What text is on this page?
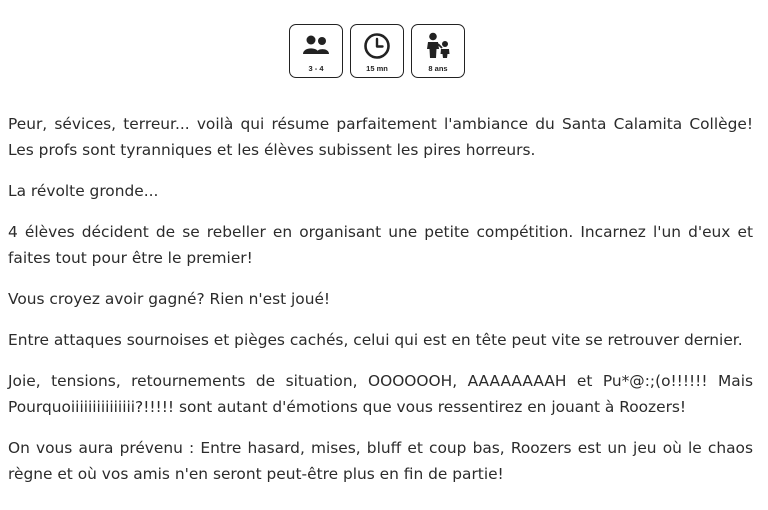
3 - 4	15 mn	8 ans

Peur, sévices, terreur... voilà qui résume parfaitement l'ambiance du Santa Calamita Collège! Les profs sont tyranniques et les élèves subissent les pires horreurs.

La révolte gronde...

4 élèves décident de se rebeller en organisant une petite compétition. Incarnez l'un d'eux et faites tout pour être le premier!

Vous croyez avoir gagné? Rien n'est joué!

Entre attaques sournoises et pièges cachés, celui qui est en tête peut vite se retrouver dernier.

Joie, tensions, retournements de situation, OOOOOOH, AAAAAAAAH et Pu*@:;(o!!!!!! Mais Pourquoiiiiiiiiiiiiiii?!!!!! sont autant d'émotions que vous ressentirez en jouant à Roozers!

On vous aura prévenu : Entre hasard, mises, bluff et coup bas, Roozers est un jeu où le chaos règne et où vos amis n'en seront peut-être plus en fin de partie!
